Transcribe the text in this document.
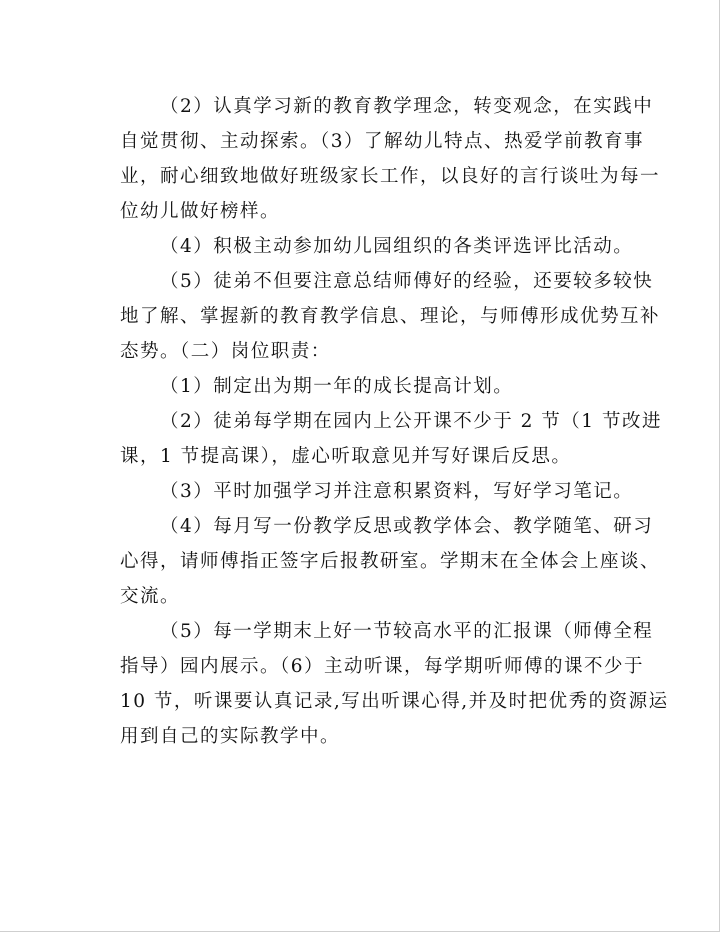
（2）认真学习新的教育教学理念，转变观念，在实践中
自觉贯彻、主动探索。（3）了解幼儿特点、热爱学前教育事
业，耐心细致地做好班级家长工作，以良好的言行谈吐为每一
位幼儿做好榜样。

（4）积极主动参加幼儿园组织的各类评选评比活动。

（5）徒弟不但要注意总结师傅好的经验，还要较多较快
地了解、掌握新的教育教学信息、理论，与师傅形成优势互补
态势。（二）岗位职责：

（1）制定出为期一年的成长提高计划。

（2）徒弟每学期在园内上公开课不少于 2 节（1 节改进
课，1 节提高课），虚心听取意见并写好课后反思。

（3）平时加强学习并注意积累资料，写好学习笔记。

（4）每月写一份教学反思或教学体会、教学随笔、研习
心得，请师傅指正签字后报教研室。学期末在全体会上座谈、
交流。

（5）每一学期末上好一节较高水平的汇报课（师傅全程
指导）园内展示。（6）主动听课，每学期听师傅的课不少于
10 节，听课要认真记录,写出听课心得,并及时把优秀的资源运
用到自己的实际教学中。
